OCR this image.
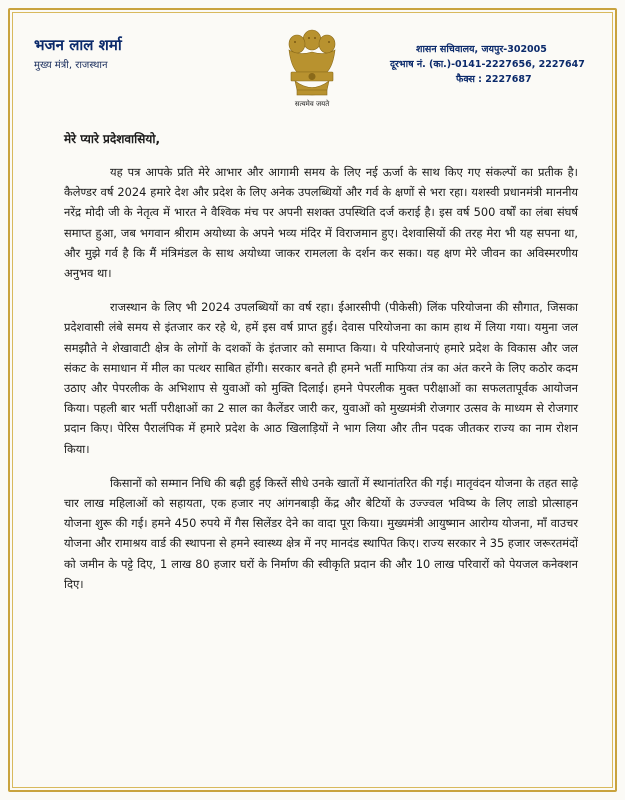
भजन लाल शर्मा
मुख्य मंत्री, राजस्थान
सत्यमेव जयते
शासन सचिवालय, जयपुर-302005
दूरभाष नं. (का.)-0141-2227656, 2227647
फैक्स : 2227687
मेरे प्यारे प्रदेशवासियो,

यह पत्र आपके प्रति मेरे आभार और आगामी समय के लिए नई ऊर्जा के साथ किए गए संकल्पों का प्रतीक है। कैलेण्डर वर्ष 2024 हमारे देश और प्रदेश के लिए अनेक उपलब्धियों और गर्व के क्षणों से भरा रहा। यशस्वी प्रधानमंत्री माननीय नरेंद्र मोदी जी के नेतृत्व में भारत ने वैश्विक मंच पर अपनी सशक्त उपस्थिति दर्ज कराई है। इस वर्ष 500 वर्षों का लंबा संघर्ष समाप्त हुआ, जब भगवान श्रीराम अयोध्या के अपने भव्य मंदिर में विराजमान हुए। देशवासियों की तरह मेरा भी यह सपना था, और मुझे गर्व है कि मैं मंत्रिमंडल के साथ अयोध्या जाकर रामलला के दर्शन कर सका। यह क्षण मेरे जीवन का अविस्मरणीय अनुभव था।

राजस्थान के लिए भी 2024 उपलब्धियों का वर्ष रहा। ईआरसीपी (पीकेसी) लिंक परियोजना की सौगात, जिसका प्रदेशवासी लंबे समय से इंतजार कर रहे थे, हमें इस वर्ष प्राप्त हुई। देवास परियोजना का काम हाथ में लिया गया। यमुना जल समझौते ने शेखावाटी क्षेत्र के लोगों के दशकों के इंतजार को समाप्त किया। ये परियोजनाएं हमारे प्रदेश के विकास और जल संकट के समाधान में मील का पत्थर साबित होंगी। सरकार बनते ही हमने भर्ती माफिया तंत्र का अंत करने के लिए कठोर कदम उठाए और पेपरलीक के अभिशाप से युवाओं को मुक्ति दिलाई। हमने पेपरलीक मुक्त परीक्षाओं का सफलतापूर्वक आयोजन किया। पहली बार भर्ती परीक्षाओं का 2 साल का कैलेंडर जारी कर, युवाओं को मुख्यमंत्री रोजगार उत्सव के माध्यम से रोजगार प्रदान किए। पेरिस पैरालंपिक में हमारे प्रदेश के आठ खिलाड़ियों ने भाग लिया और तीन पदक जीतकर राज्य का नाम रोशन किया।

किसानों को सम्मान निधि की बढ़ी हुई किस्तें सीधे उनके खातों में स्थानांतरित की गई। मातृवंदन योजना के तहत साढ़े चार लाख महिलाओं को सहायता, एक हजार नए आंगनबाड़ी केंद्र और बेटियों के उज्ज्वल भविष्य के लिए लाडो प्रोत्साहन योजना शुरू की गई। हमने 450 रुपये में गैस सिलेंडर देने का वादा पूरा किया। मुख्यमंत्री आयुष्मान आरोग्य योजना, माँ वाउचर योजना और रामाश्रय वार्ड की स्थापना से हमने स्वास्थ्य क्षेत्र में नए मानदंड स्थापित किए। राज्य सरकार ने 35 हजार जरूरतमंदों को जमीन के पट्टे दिए, 1 लाख 80 हजार घरों के निर्माण की स्वीकृति प्रदान की और 10 लाख परिवारों को पेयजल कनेक्शन दिए।
